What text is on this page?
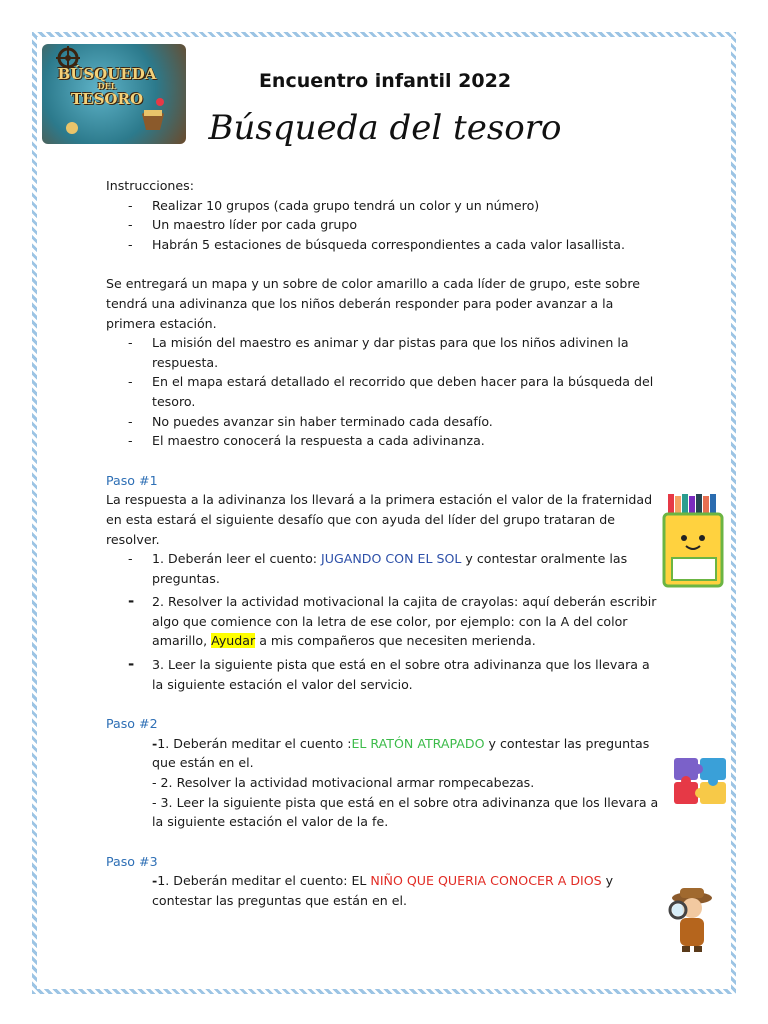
BÚSQUEDA
DEL
TESORO
Encuentro infantil 2022
Búsqueda del tesoro

Instrucciones:

- Realizar 10 grupos (cada grupo tendrá un color y un número)
- Un maestro líder por cada grupo
- Habrán 5 estaciones de búsqueda correspondientes a cada valor lasallista.

Se entregará un mapa y un sobre de color amarillo a cada líder de grupo, este sobre tendrá una adivinanza que los niños deberán responder para poder avanzar a la primera estación.

- La misión del maestro es animar y dar pistas para que los niños adivinen la respuesta.
- En el mapa estará detallado el recorrido que deben hacer para la búsqueda del tesoro.
- No puedes avanzar sin haber terminado cada desafío.
- El maestro conocerá la respuesta a cada adivinanza.

Paso #1

La respuesta a la adivinanza los llevará a la primera estación el valor de la fraternidad en esta estará el siguiente desafío que con ayuda del líder del grupo trataran de resolver.

- 1. Deberán leer el cuento: JUGANDO CON EL SOL y contestar oralmente las preguntas.
- 2. Resolver la actividad motivacional la cajita de crayolas: aquí deberán escribir algo que comience con la letra de ese color, por ejemplo: con la A del color amarillo, Ayudar a mis compañeros que necesiten merienda.
- 3. Leer la siguiente pista que está en el sobre otra adivinanza que los llevara a la siguiente estación el valor del servicio.

Paso #2

-1. Deberán meditar el cuento :EL RATÓN ATRAPADO y contestar las preguntas que están en el.

- 2. Resolver la actividad motivacional armar rompecabezas.

- 3. Leer la siguiente pista que está en el sobre otra adivinanza que los llevara a la siguiente estación el valor de la fe.

Paso #3

-1. Deberán meditar el cuento: EL NIÑO QUE QUERIA CONOCER A DIOS y contestar las preguntas que están en el.
